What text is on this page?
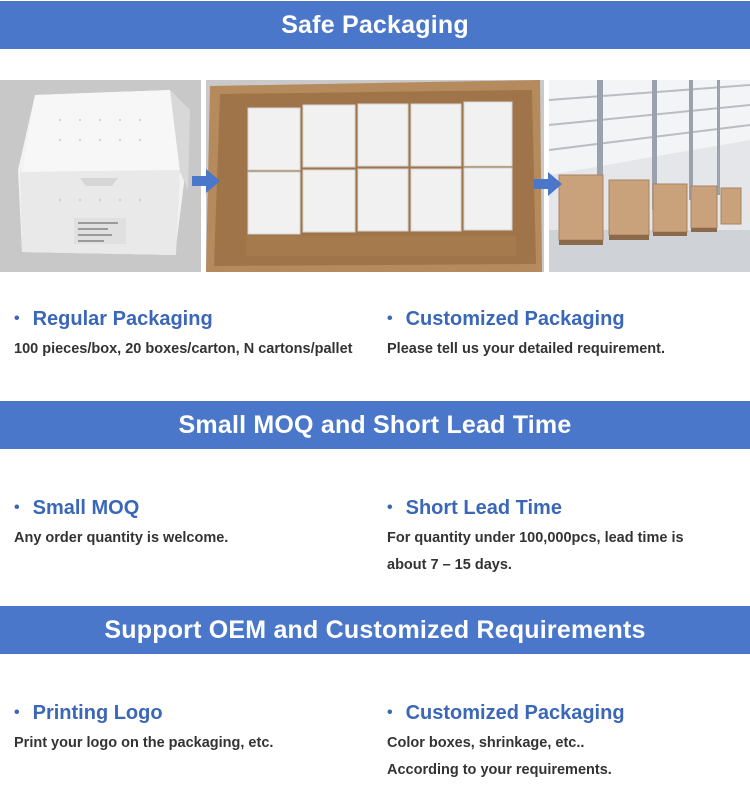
Safe Packaging
• Regular Packaging
100 pieces/box, 20 boxes/carton, N cartons/pallet
• Customized Packaging
Please tell us your detailed requirement.
Small MOQ and Short Lead Time
• Small MOQ
Any order quantity is welcome.
• Short Lead Time
For quantity under 100,000pcs, lead time is
about 7 – 15 days.
Support OEM and Customized Requirements
• Printing Logo
Print your logo on the packaging, etc.
• Customized Packaging
Color boxes, shrinkage, etc..
According to your requirements.
